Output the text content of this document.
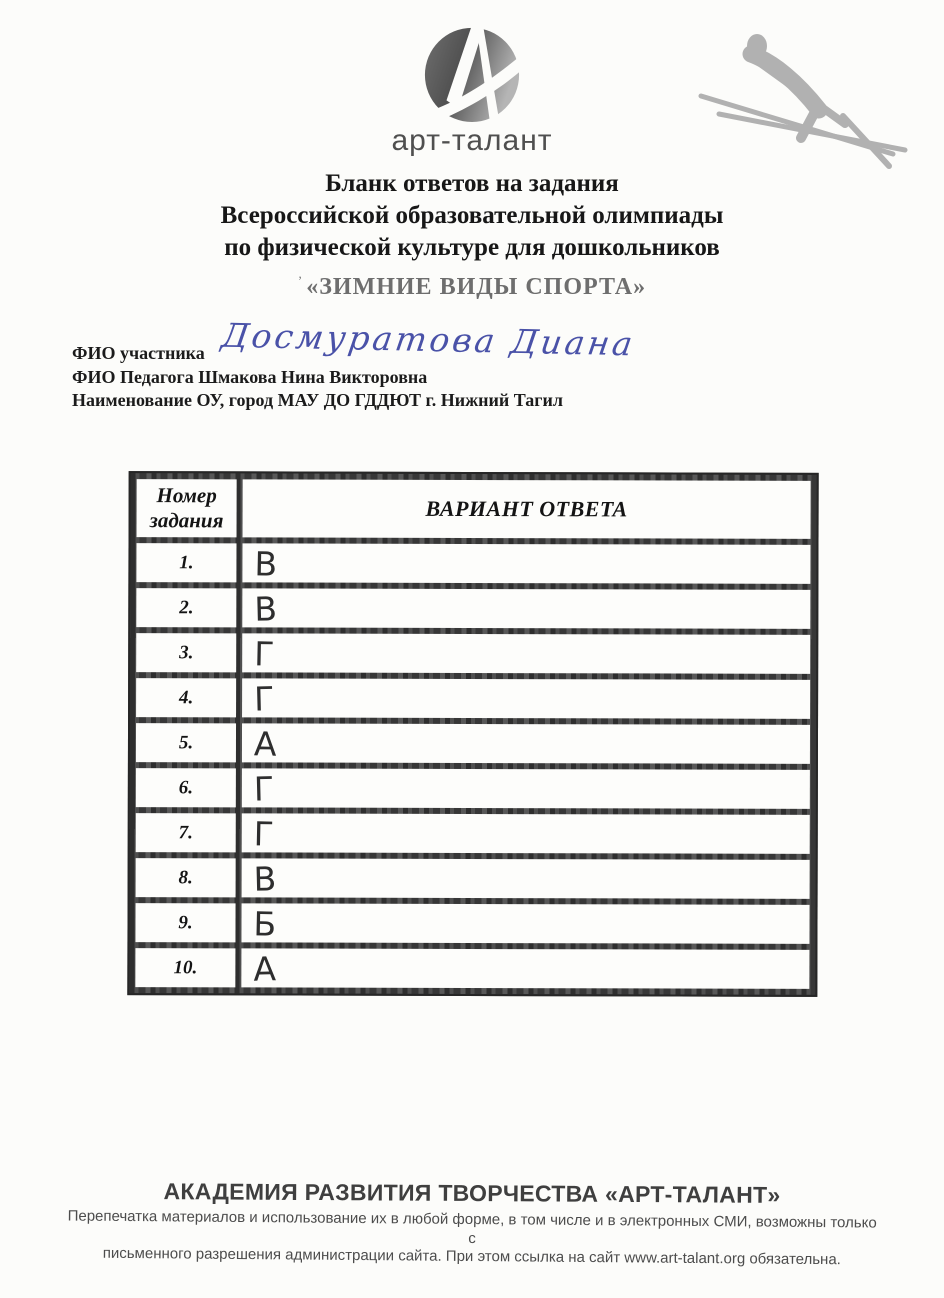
арт-талант
Бланк ответов на задания
Всероссийской образовательной олимпиады
по физической культуре для дошкольников
’ «ЗИМНИЕ ВИДЫ СПОРТА»
ФИО участника
ФИО Педагога Шмакова Нина Викторовна
Наименование ОУ, город МАУ ДО ГДДЮТ г. Нижний Тагил
Досмуратова Диана
Номер задания	ВАРИАНТ ОТВЕТА
1.	В
2.	В
3.	Г
4.	Г
5.	А
6.	Г
7.	Г
8.	В
9.	Б
10.	А
АКАДЕМИЯ РАЗВИТИЯ ТВОРЧЕСТВА «АРТ-ТАЛАНТ»
Перепечатка материалов и использование их в любой форме, в том числе и в электронных СМИ, возможны только с
письменного разрешения администрации сайта. При этом ссылка на сайт www.art-talant.org обязательна.
